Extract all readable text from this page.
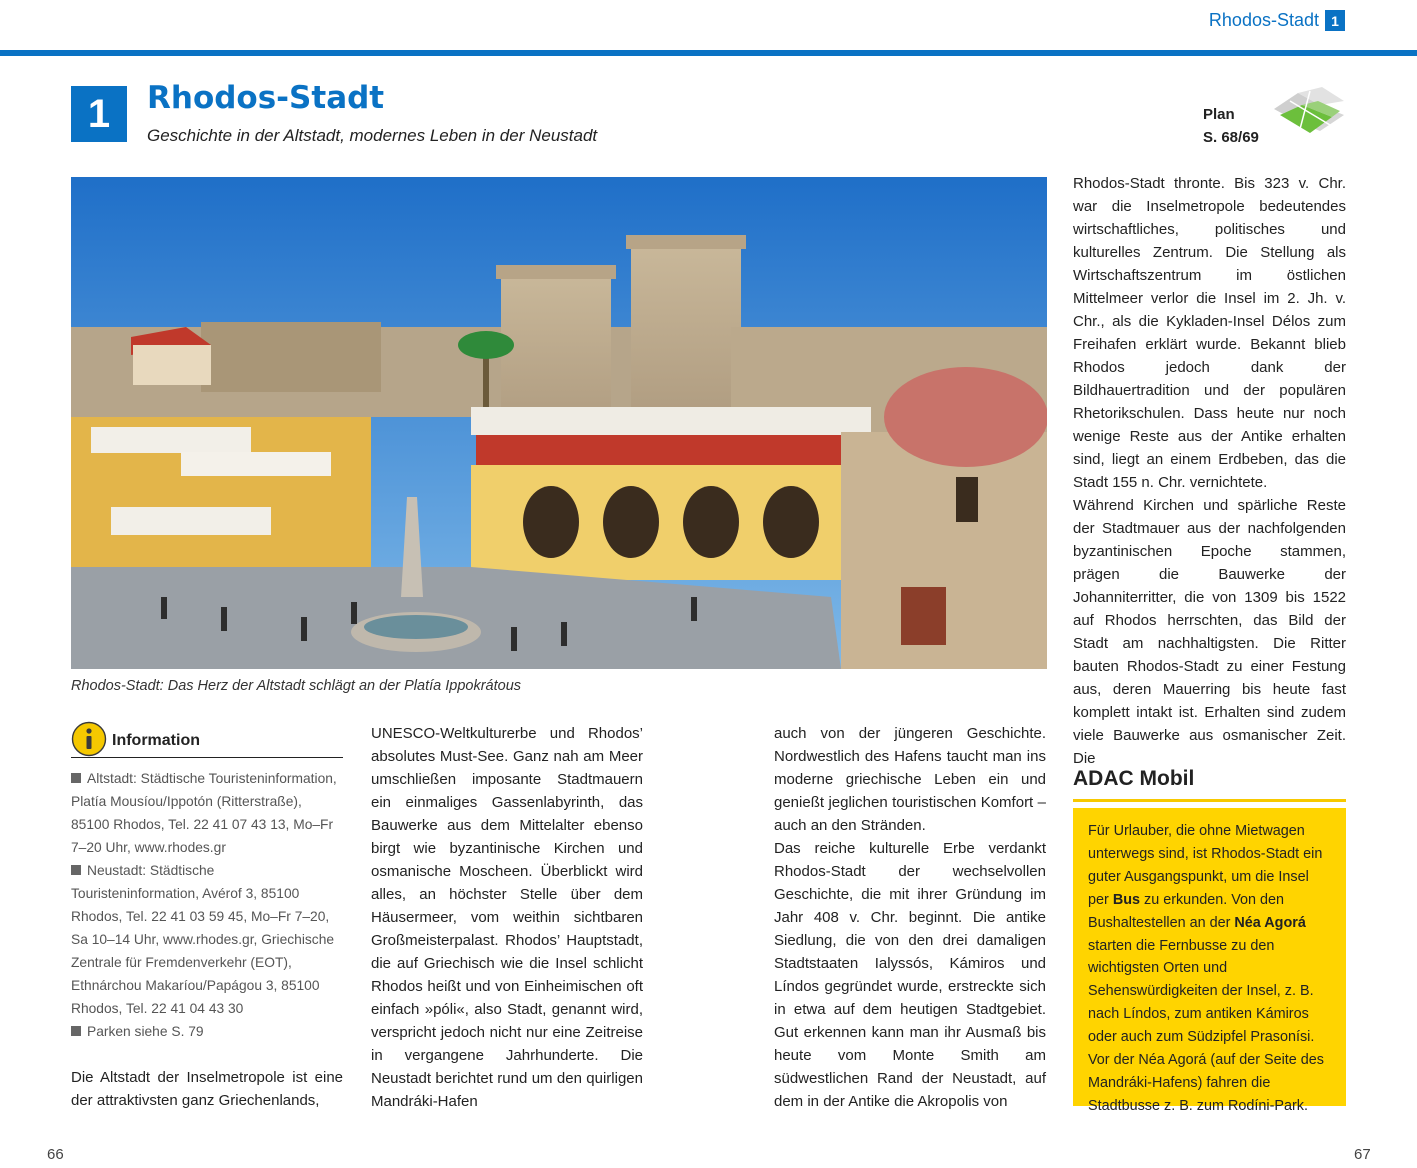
Rhodos-Stadt 1
1	Rhodos-Stadt
Geschichte in der Altstadt, modernes Leben in der Neustadt
Plan
S. 68/69
Rhodos-Stadt: Das Herz der Altstadt schlägt an der Platía Ippokrátous
Information

Altstadt: Städtische Touristeninformation, Platía Mousíou/Ippotón (Ritterstraße), 85100 Rhodos, Tel. 22 41 07 43 13, Mo–Fr 7–20 Uhr, www.rhodes.gr

Neustadt: Städtische Touristeninformation, Avérof 3, 85100 Rhodos, Tel. 22 41 03 59 45, Mo–Fr 7–20, Sa 10–14 Uhr, www.rhodes.gr, Griechische Zentrale für Fremdenverkehr (EOT), Ethnárchou Makaríou/Papágou 3, 85100 Rhodos, Tel. 22 41 04 43 30

Parken siehe S. 79

Die Altstadt der Inselmetropole ist eine der attraktivsten ganz Griechenlands,

UNESCO-Weltkulturerbe und Rhodos’ absolutes Must-See. Ganz nah am Meer umschließen imposante Stadtmauern ein einmaliges Gassenlabyrinth, das Bauwerke aus dem Mittelalter ebenso birgt wie byzantinische Kirchen und osmanische Moscheen. Überblickt wird alles, an höchster Stelle über dem Häusermeer, vom weithin sichtbaren Großmeisterpalast. Rhodos’ Hauptstadt, die auf Griechisch wie die Insel schlicht Rhodos heißt und von Einheimischen oft einfach »póli«, also Stadt, genannt wird, verspricht jedoch nicht nur eine Zeitreise in vergangene Jahrhunderte. Die Neustadt berichtet rund um den quirligen Mandráki-Hafen

auch von der jüngeren Geschichte. Nordwestlich des Hafens taucht man ins moderne griechische Leben ein und genießt jeglichen touristischen Komfort – auch an den Stränden.

Das reiche kulturelle Erbe verdankt Rhodos-Stadt der wechselvollen Geschichte, die mit ihrer Gründung im Jahr 408 v. Chr. beginnt. Die antike Siedlung, die von den drei damaligen Stadtstaaten Ialyssós, Kámiros und Líndos gegründet wurde, erstreckte sich in etwa auf dem heutigen Stadtgebiet. Gut erkennen kann man ihr Ausmaß bis heute vom Monte Smith am südwestlichen Rand der Neustadt, auf dem in der Antike die Akropolis von

Rhodos-Stadt thronte. Bis 323 v. Chr. war die Inselmetropole bedeutendes wirtschaftliches, politisches und kulturelles Zentrum. Die Stellung als Wirtschaftszentrum im östlichen Mittelmeer verlor die Insel im 2. Jh. v. Chr., als die Kykladen-Insel Délos zum Freihafen erklärt wurde. Bekannt blieb Rhodos jedoch dank der Bildhauertradition und der populären Rhetorikschulen. Dass heute nur noch wenige Reste aus der Antike erhalten sind, liegt an einem Erdbeben, das die Stadt 155 n. Chr. vernichtete.

Während Kirchen und spärliche Reste der Stadtmauer aus der nachfolgenden byzantinischen Epoche stammen, prägen die Bauwerke der Johanniterritter, die von 1309 bis 1522 auf Rhodos herrschten, das Bild der Stadt am nachhaltigsten. Die Ritter bauten Rhodos-Stadt zu einer Festung aus, deren Mauerring bis heute fast komplett intakt ist. Erhalten sind zudem viele Bauwerke aus osmanischer Zeit. Die

ADAC Mobil

Für Urlauber, die ohne Mietwagen unterwegs sind, ist Rhodos-Stadt ein guter Ausgangspunkt, um die Insel per Bus zu erkunden. Von den Bushaltestellen an der Néa Agorá starten die Fernbusse zu den wichtigsten Orten und Sehenswürdigkeiten der Insel, z. B. nach Líndos, zum antiken Kámiros oder auch zum Südzipfel Prasonísi. Vor der Néa Agorá (auf der Seite des Mandráki-Hafens) fahren die Stadtbusse z. B. zum Rodíni-Park.

66	67
